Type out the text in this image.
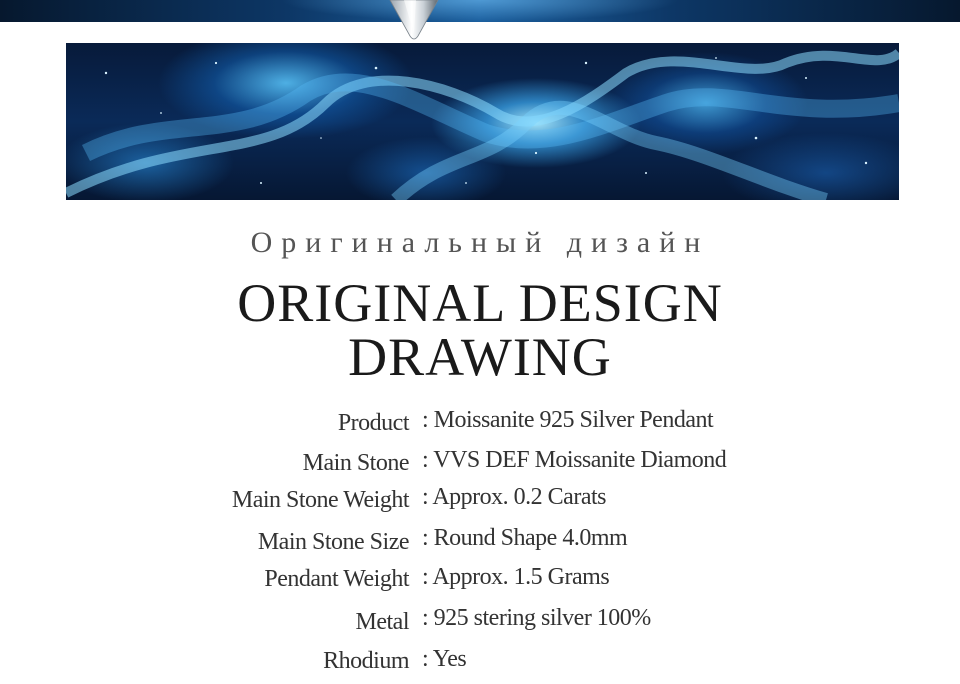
Оригинальный дизайн
ORIGINAL DESIGN
DRAWING
Product : Moissanite 925 Silver Pendant
Main Stone : VVS DEF Moissanite Diamond
Main Stone Weight : Approx. 0.2 Carats
Main Stone Size : Round Shape 4.0mm
Pendant Weight : Approx. 1.5 Grams
Metal : 925 stering silver 100%
Rhodium : Yes
